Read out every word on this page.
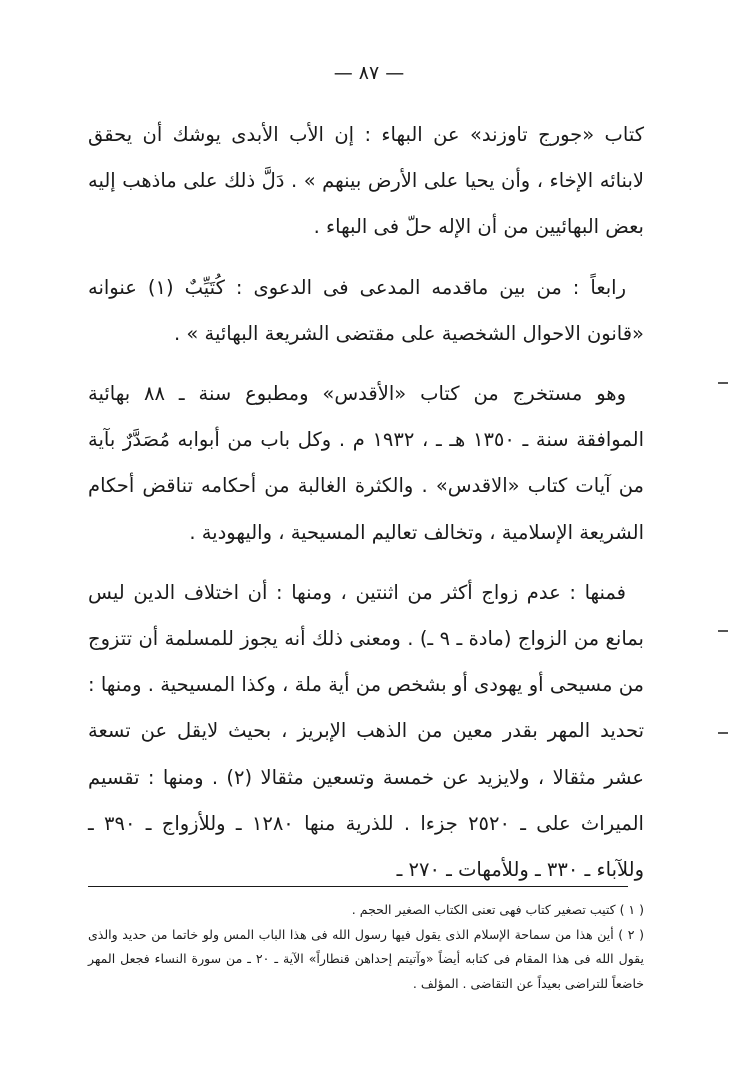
— ٨٧ —

كتاب «جورج تاوزند» عن البهاء : إن الأب الأبدى يوشك أن يحقق لابنائه الإخاء ، وأن يحيا على الأرض بينهم » . دَلَّ ذلك على ماذهب إليه بعض البهائيين من أن الإله حلّ فى البهاء .

رابعاً : من بين ماقدمه المدعى فى الدعوى : كُتَيِّبٌ (١) عنوانه «قانون الاحوال الشخصية على مقتضى الشريعة البهائية » .

وهو مستخرج من كتاب «الأقدس» ومطبوع سنة ـ ٨٨ بهائية الموافقة سنة ـ ١٣٥٠ هـ ـ ، ١٩٣٢ م . وكل باب من أبوابه مُصَدَّرٌ بآية من آيات كتاب «الاقدس» . والكثرة الغالبة من أحكامه تناقض أحكام الشريعة الإسلامية ، وتخالف تعاليم المسيحية ، واليهودية .

فمنها : عدم زواج أكثر من اثنتين ، ومنها : أن اختلاف الدين ليس بمانع من الزواج (مادة ـ ٩ ـ) . ومعنى ذلك أنه يجوز للمسلمة أن تتزوج من مسيحى أو يهودى أو بشخص من أية ملة ، وكذا المسيحية . ومنها : تحديد المهر بقدر معين من الذهب الإبريز ، بحيث لايقل عن تسعة عشر مثقالا ، ولايزيد عن خمسة وتسعين مثقالا (٢) . ومنها : تقسيم الميراث على ـ ٢٥٢٠ جزءا . للذرية منها ١٢٨٠ ـ وللأزواج ـ ٣٩٠ ـ وللآباء ـ ٣٣٠ ـ وللأمهات ـ ٢٧٠ ـ

( ١ ) كتيب تصغير كتاب فهى تعنى الكتاب الصغير الحجم .

( ٢ ) أين هذا من سماحة الإسلام الذى يقول فيها رسول الله فى هذا الباب المس ولو خاتما من حديد والذى يقول الله فى هذا المقام فى كتابه أيضاً «وآتيتم إحداهن قنطاراً» الآية ـ ٢٠ ـ من سورة النساء فجعل المهر خاضعاً للتراضى بعيداً عن التقاضى . المؤلف .
